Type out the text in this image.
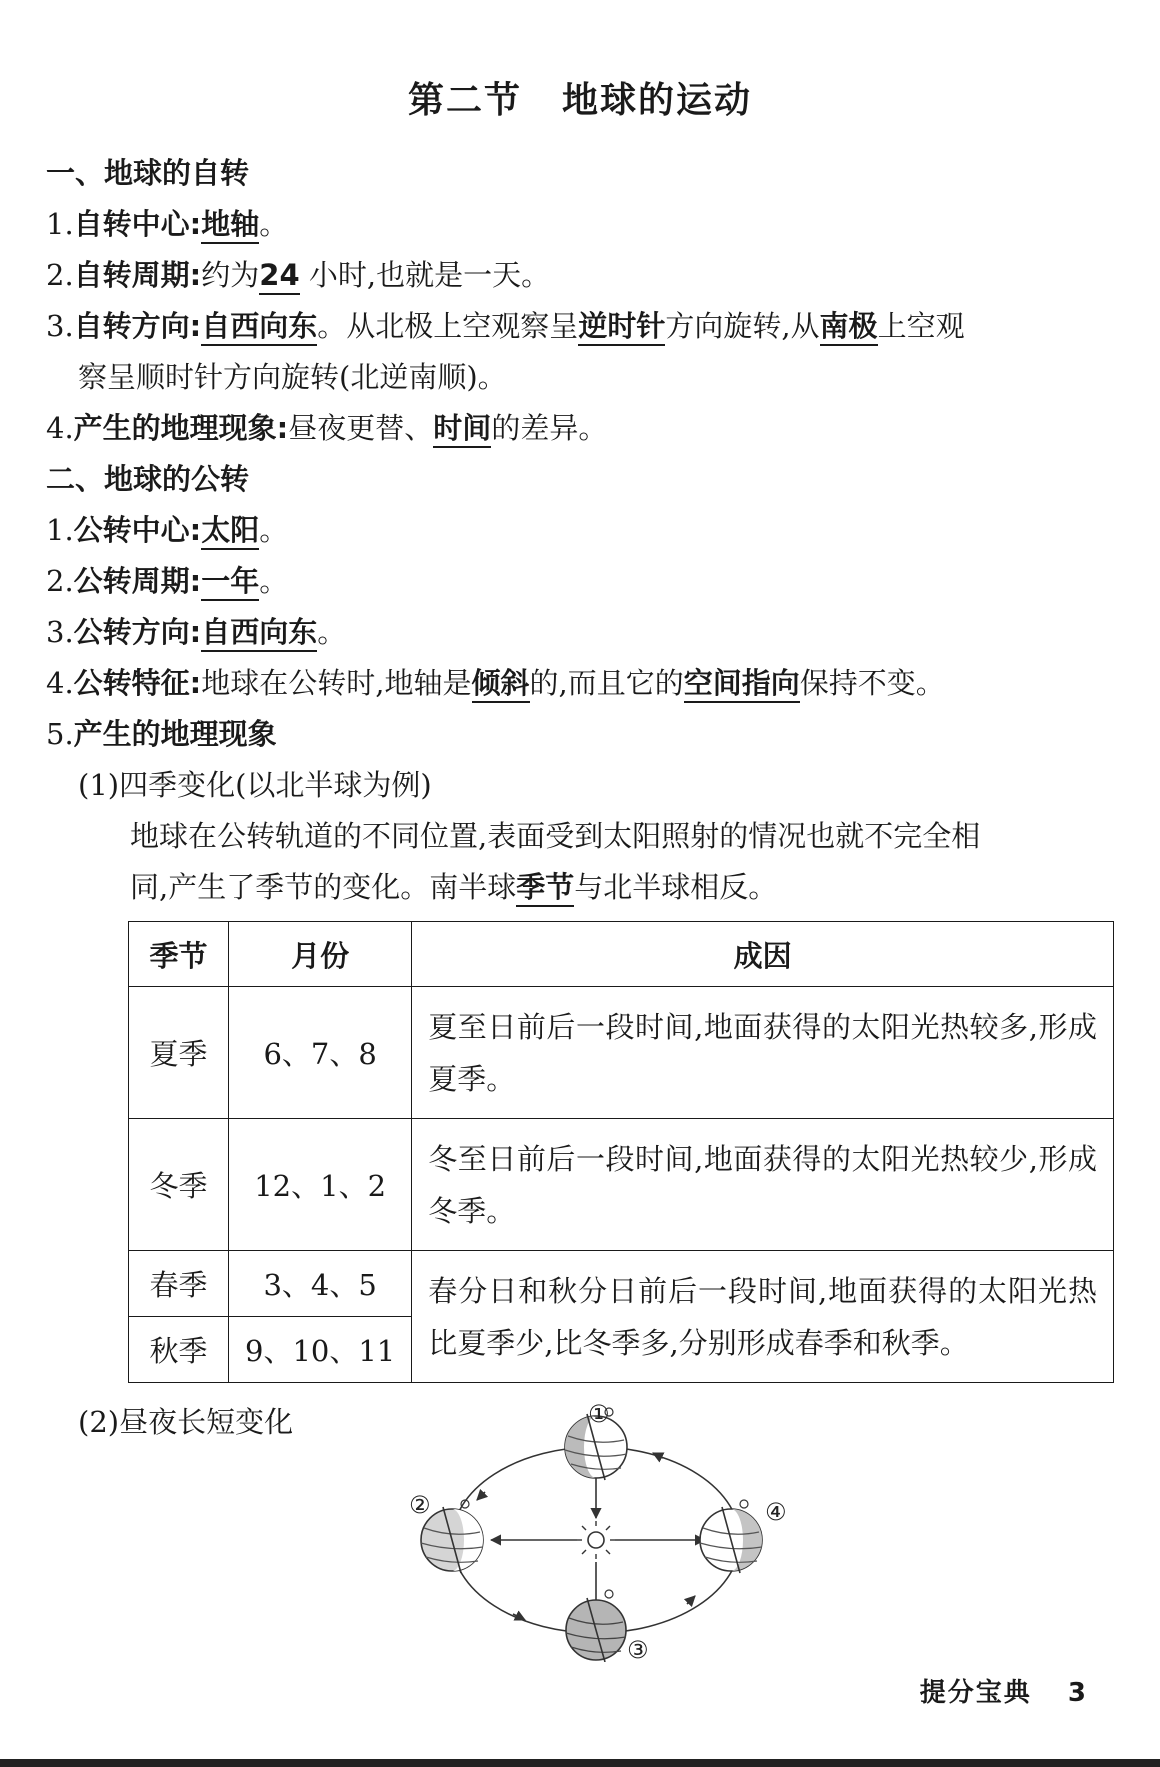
第二节 地球的运动
一、地球的自转
1.自转中心:地轴。
2.自转周期:约为24 小时,也就是一天。
3.自转方向:自西向东。从北极上空观察呈逆时针方向旋转,从南极上空观
察呈顺时针方向旋转(北逆南顺)。
4.产生的地理现象:昼夜更替、时间的差异。
二、地球的公转
1.公转中心:太阳。
2.公转周期:一年。
3.公转方向:自西向东。
4.公转特征:地球在公转时,地轴是倾斜的,而且它的空间指向保持不变。
5.产生的地理现象
(1)四季变化(以北半球为例)
地球在公转轨道的不同位置,表面受到太阳照射的情况也就不完全相
同,产生了季节的变化。南半球季节与北半球相反。
季节	月份	成因
夏季	6、7、8	夏至日前后一段时间,地面获得的太阳光热较多,形成夏季。
冬季	12、1、2	冬至日前后一段时间,地面获得的太阳光热较少,形成冬季。
春季	3、4、5	春分日和秋分日前后一段时间,地面获得的太阳光热比夏季少,比冬季多,分别形成春季和秋季。
秋季	9、10、11	
(2)昼夜长短变化	①
②
③
④
提分宝典 3
